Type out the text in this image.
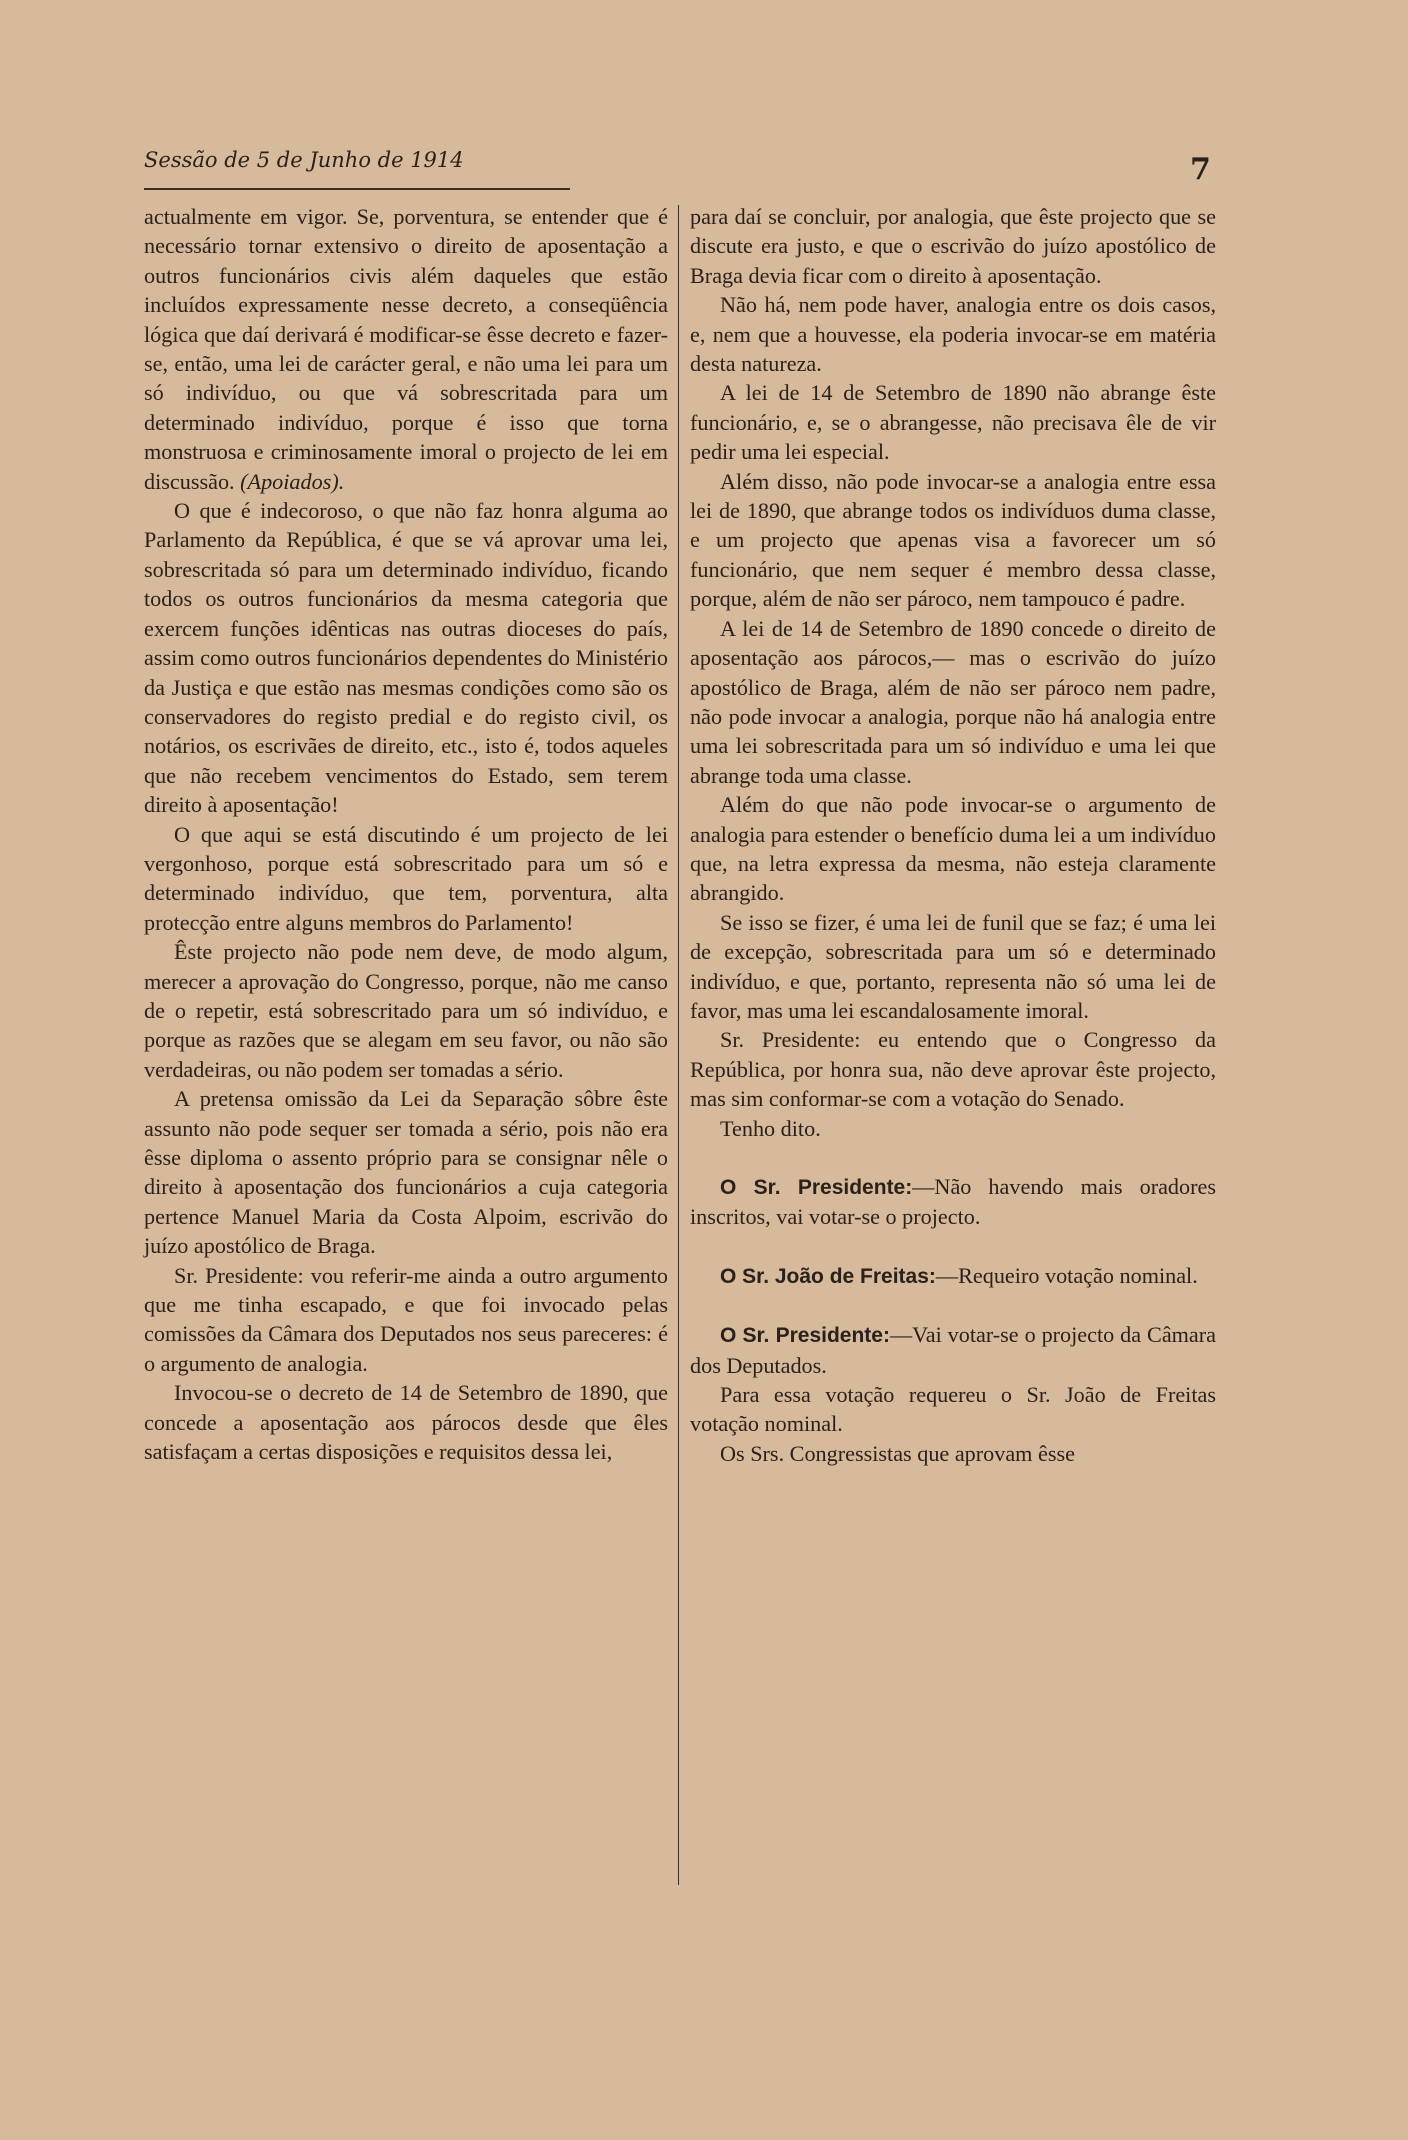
Sessão de 5 de Junho de 1914	7

actualmente em vigor. Se, porventura, se entender que é necessário tornar extensivo o direito de aposentação a outros funcionários civis além daqueles que estão incluídos expressamente nesse decreto, a conseqüência lógica que daí derivará é modificar-se êsse decreto e fazer-se, então, uma lei de carácter geral, e não uma lei para um só indivíduo, ou que vá sobrescritada para um determinado indivíduo, porque é isso que torna monstruosa e criminosamente imoral o projecto de lei em discussão. (Apoiados).

O que é indecoroso, o que não faz honra alguma ao Parlamento da República, é que se vá aprovar uma lei, sobrescritada só para um determinado indivíduo, ficando todos os outros funcionários da mesma categoria que exercem funções idênticas nas outras dioceses do país, assim como outros funcionários dependentes do Ministério da Justiça e que estão nas mesmas condições como são os conservadores do registo predial e do registo civil, os notários, os escrivães de direito, etc., isto é, todos aqueles que não recebem vencimentos do Estado, sem terem direito à aposentação!

O que aqui se está discutindo é um projecto de lei vergonhoso, porque está sobrescritado para um só e determinado indivíduo, que tem, porventura, alta protecção entre alguns membros do Parlamento!

Êste projecto não pode nem deve, de modo algum, merecer a aprovação do Congresso, porque, não me canso de o repetir, está sobrescritado para um só indivíduo, e porque as razões que se alegam em seu favor, ou não são verdadeiras, ou não podem ser tomadas a sério.

A pretensa omissão da Lei da Separação sôbre êste assunto não pode sequer ser tomada a sério, pois não era êsse diploma o assento próprio para se consignar nêle o direito à aposentação dos funcionários a cuja categoria pertence Manuel Maria da Costa Alpoim, escrivão do juízo apostólico de Braga.

Sr. Presidente: vou referir-me ainda a outro argumento que me tinha escapado, e que foi invocado pelas comissões da Câmara dos Deputados nos seus pareceres: é o argumento de analogia.

Invocou-se o decreto de 14 de Setembro de 1890, que concede a aposentação aos párocos desde que êles satisfaçam a certas disposições e requisitos dessa lei,

para daí se concluir, por analogia, que êste projecto que se discute era justo, e que o escrivão do juízo apostólico de Braga devia ficar com o direito à aposentação.

Não há, nem pode haver, analogia entre os dois casos, e, nem que a houvesse, ela poderia invocar-se em matéria desta natureza.

A lei de 14 de Setembro de 1890 não abrange êste funcionário, e, se o abrangesse, não precisava êle de vir pedir uma lei especial.

Além disso, não pode invocar-se a analogia entre essa lei de 1890, que abrange todos os indivíduos duma classe, e um projecto que apenas visa a favorecer um só funcionário, que nem sequer é membro dessa classe, porque, além de não ser pároco, nem tampouco é padre.

A lei de 14 de Setembro de 1890 concede o direito de aposentação aos párocos,— mas o escrivão do juízo apostólico de Braga, além de não ser pároco nem padre, não pode invocar a analogia, porque não há analogia entre uma lei sobrescritada para um só indivíduo e uma lei que abrange toda uma classe.

Além do que não pode invocar-se o argumento de analogia para estender o benefício duma lei a um indivíduo que, na letra expressa da mesma, não esteja claramente abrangido.

Se isso se fizer, é uma lei de funil que se faz; é uma lei de excepção, sobrescritada para um só e determinado indivíduo, e que, portanto, representa não só uma lei de favor, mas uma lei escandalosamente imoral.

Sr. Presidente: eu entendo que o Congresso da República, por honra sua, não deve aprovar êste projecto, mas sim conformar-se com a votação do Senado.

Tenho dito.

O Sr. Presidente:—Não havendo mais oradores inscritos, vai votar-se o projecto.

O Sr. João de Freitas:—Requeiro votação nominal.

O Sr. Presidente:—Vai votar-se o projecto da Câmara dos Deputados.

Para essa votação requereu o Sr. João de Freitas votação nominal.

Os Srs. Congressistas que aprovam êsse
